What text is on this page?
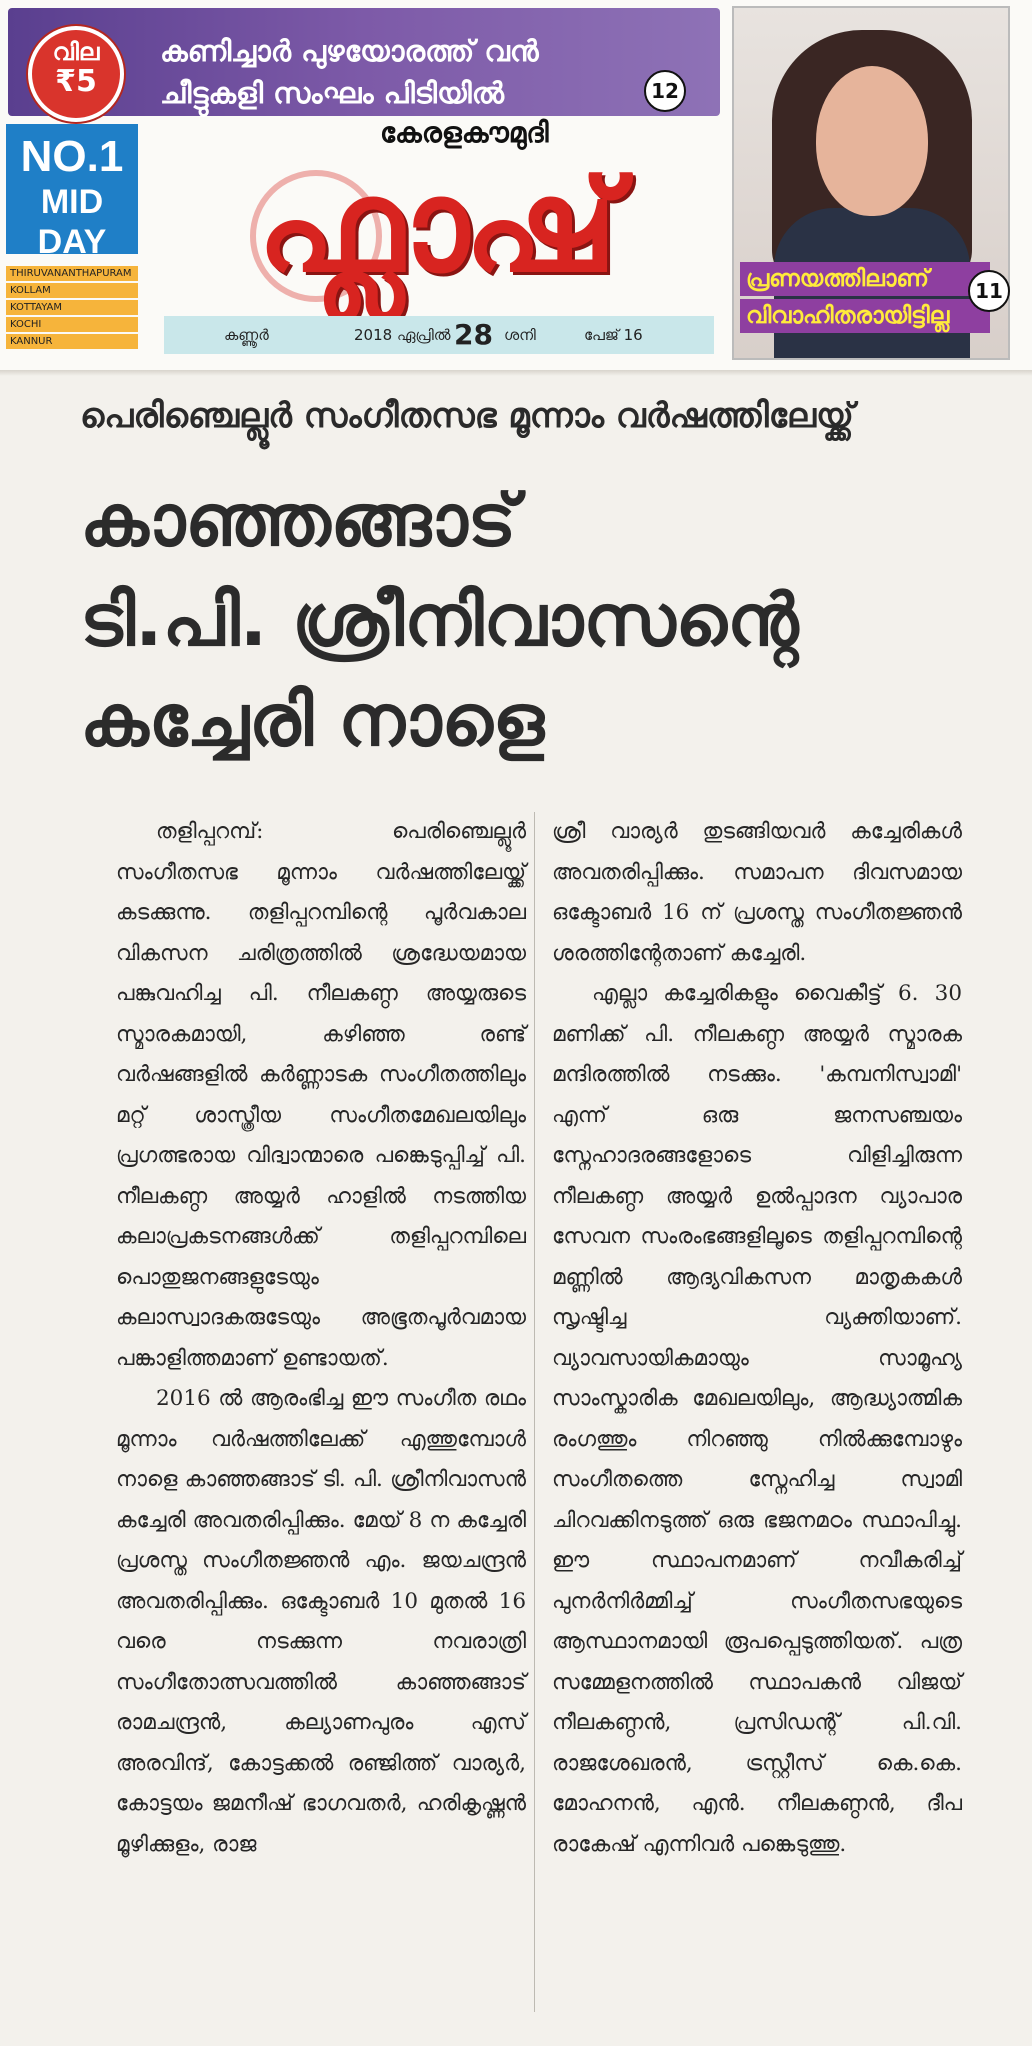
വില
₹5
കണിച്ചാർ പുഴയോരത്ത് വൻ
ചീട്ടുകളി സംഘം പിടിയിൽ	12
പ്രണയത്തിലാണ്
വിവാഹിതരായിട്ടില്ല
11
NO.1
MID DAY
THIRUVANANTHAPURAM
KOLLAM
KOTTAYAM
KOCHI
KANNUR
കേരളകൗമുദി
ഫ്ലാഷ്
കണ്ണൂർ	2018 ഏപ്രിൽ 28 ശനി	പേജ് 16
പെരിഞ്ചെല്ലൂർ സംഗീതസഭ മൂന്നാം വർഷത്തിലേയ്ക്ക്
കാഞ്ഞങ്ങാട്
ടി.പി. ശ്രീനിവാസന്റെ
കച്ചേരി നാളെ

തളിപ്പറമ്പ്: പെരിഞ്ചെല്ലൂർ സംഗീതസഭ മൂന്നാം വർഷത്തിലേയ്ക്ക് കടക്കുന്നു. തളിപ്പറമ്പിന്റെ പൂർവകാല വികസന ചരിത്രത്തിൽ ശ്രദ്ധേയമായ പങ്കുവഹിച്ച പി. നീലകണ്ഠ അയ്യരുടെ സ്മാരകമായി, കഴിഞ്ഞ രണ്ട് വർഷങ്ങളിൽ കർണ്ണാടക സംഗീതത്തിലും മറ്റ് ശാസ്ത്രീയ സംഗീതമേഖലയിലും പ്രഗത്ഭരായ വിദ്വാന്മാരെ പങ്കെടുപ്പിച്ച് പി. നീലകണ്ഠ അയ്യർ ഹാളിൽ നടത്തിയ കലാപ്രകടനങ്ങൾക്ക് തളിപ്പറമ്പിലെ പൊതുജനങ്ങളുടേയും കലാസ്വാദകരുടേയും അഭൂതപൂർവമായ പങ്കാളിത്തമാണ് ഉണ്ടായത്.

2016 ൽ ആരംഭിച്ച ഈ സംഗീത രഥം മൂന്നാം വർഷത്തിലേക്ക് എത്തുമ്പോൾ നാളെ കാഞ്ഞങ്ങാട് ടി. പി. ശ്രീനിവാസൻ കച്ചേരി അവതരിപ്പിക്കും. മേയ് 8 ന കച്ചേരി പ്രശസ്ത സംഗീതജ്ഞൻ എം. ജയചന്ദ്രൻ അവതരിപ്പിക്കും. ഒക്ടോബർ 10 മുതൽ 16 വരെ നടക്കുന്ന നവരാത്രി സംഗീതോത്സവത്തിൽ കാഞ്ഞങ്ങാട് രാമചന്ദ്രൻ, കല്യാണപുരം എസ് അരവിന്ദ്, കോട്ടക്കൽ രഞ്ജിത്ത് വാര്യർ, കോട്ടയം ജമനീഷ് ഭാഗവതർ, ഹരികൃഷ്ണൻ മൂഴിക്കുളം, രാജ

ശ്രീ വാര്യർ തുടങ്ങിയവർ കച്ചേരികൾ അവതരിപ്പിക്കും. സമാപന ദിവസമായ ഒക്ടോബർ 16 ന് പ്രശസ്ത സംഗീതജ്ഞൻ ശരത്തിന്റേതാണ് കച്ചേരി.

എല്ലാ കച്ചേരികളും വൈകീട്ട് 6. 30 മണിക്ക് പി. നീലകണ്ഠ അയ്യർ സ്മാരക മന്ദിരത്തിൽ നടക്കും. 'കമ്പനിസ്വാമി' എന്ന് ഒരു ജനസഞ്ചയം സ്നേഹാദരങ്ങളോടെ വിളിച്ചിരുന്ന നീലകണ്ഠ അയ്യർ ഉൽപ്പാദന വ്യാപാര സേവന സംരംഭങ്ങളിലൂടെ തളിപ്പറമ്പിന്റെ മണ്ണിൽ ആദ്യവികസന മാതൃകകൾ സൃഷ്ടിച്ച വ്യക്തിയാണ്. വ്യാവസായികമായും സാമൂഹ്യ സാംസ്കാരിക മേഖലയിലും, ആദ്ധ്യാത്മിക രംഗത്തും നിറഞ്ഞു നിൽക്കുമ്പോഴും സംഗീതത്തെ സ്നേഹിച്ച സ്വാമി ചിറവക്കിനടുത്ത് ഒരു ഭജനമഠം സ്ഥാപിച്ചു. ഈ സ്ഥാപനമാണ് നവീകരിച്ച് പുനർനിർമ്മിച്ച് സംഗീതസഭയുടെ ആസ്ഥാനമായി രൂപപ്പെടുത്തിയത്. പത്ര സമ്മേളനത്തിൽ സ്ഥാപകൻ വിജയ് നീലകണ്ഠൻ, പ്രസിഡന്റ് പി.വി. രാജശേഖരൻ, ട്രസ്റ്റീസ് കെ.കെ. മോഹനൻ, എൻ. നീലകണ്ഠൻ, ദീപ രാകേഷ് എന്നിവർ പങ്കെടുത്തു.
